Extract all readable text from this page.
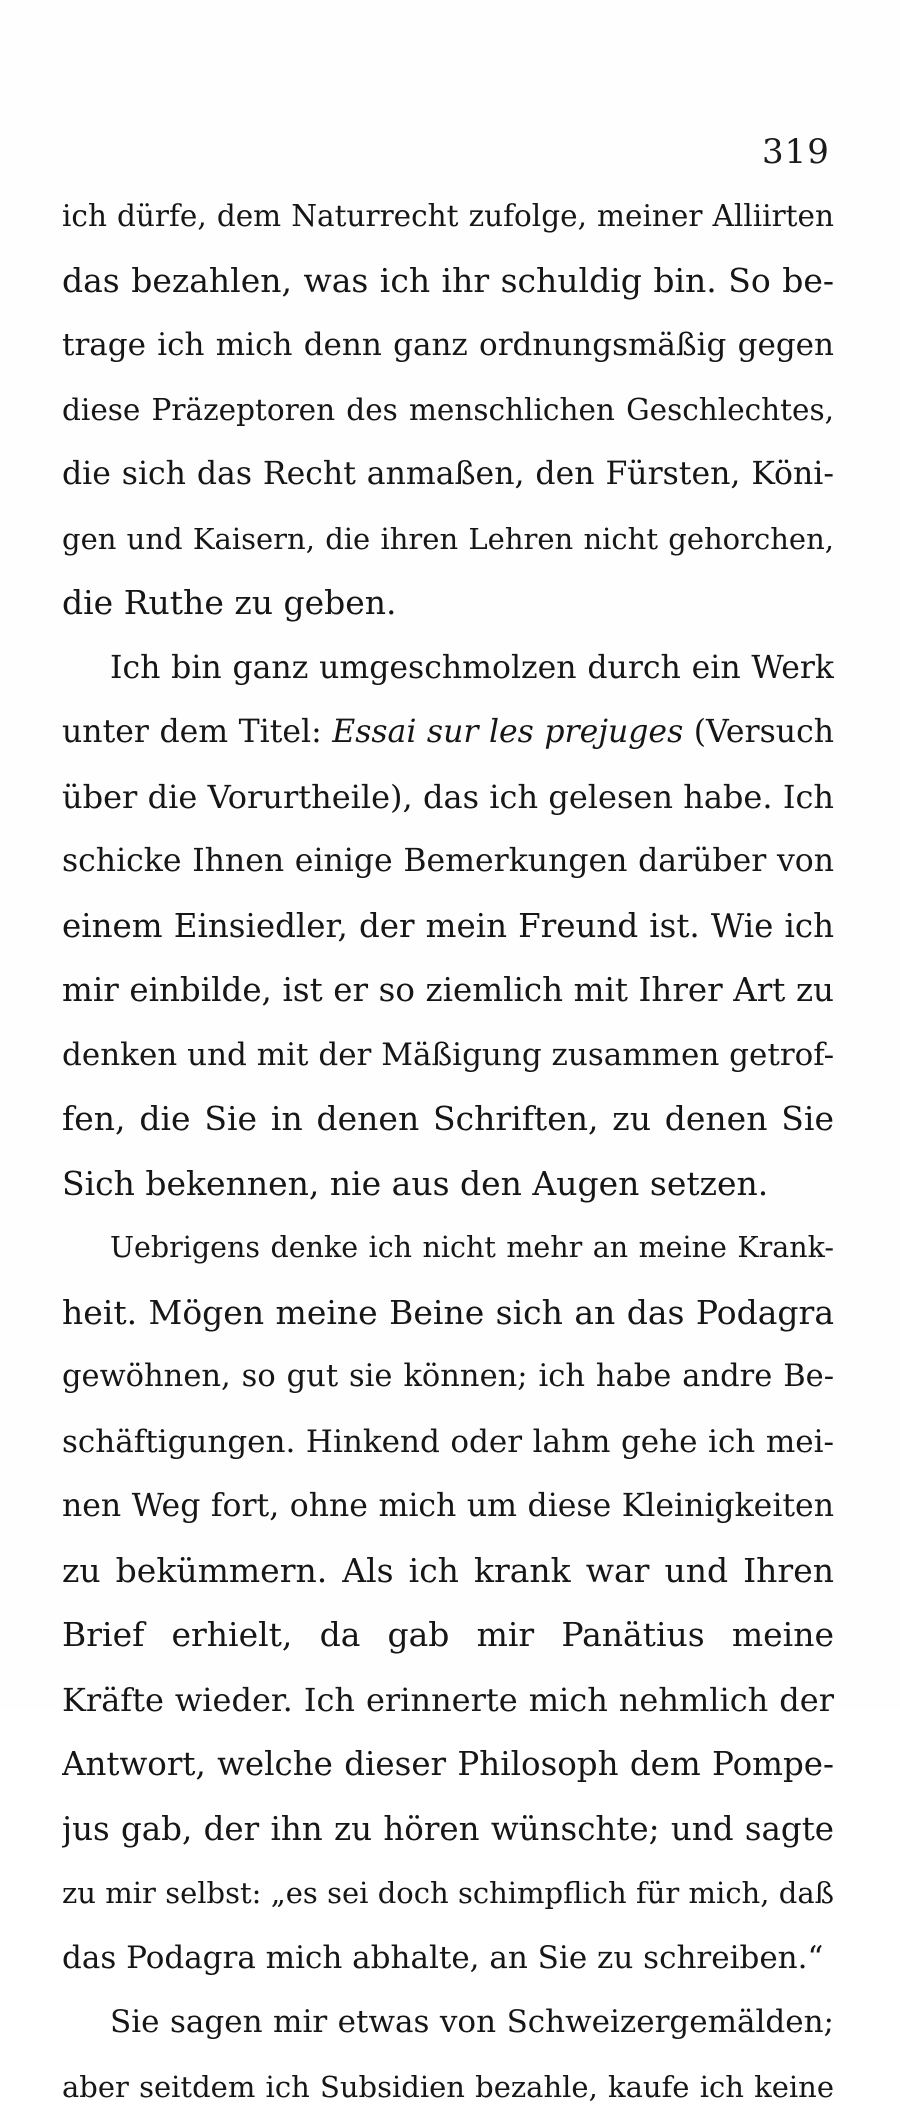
319
ich dürfe, dem Naturrecht zufolge, meiner Alliirten
das bezahlen, was ich ihr schuldig bin. So be-
trage ich mich denn ganz ordnungsmäßig gegen
diese Präzeptoren des menschlichen Geschlechtes,
die sich das Recht anmaßen, den Fürsten, Köni-
gen und Kaisern, die ihren Lehren nicht gehorchen,
die Ruthe zu geben.
Ich bin ganz umgeschmolzen durch ein Werk
unter dem Titel: Essai sur les prejuges (Versuch
über die Vorurtheile), das ich gelesen habe. Ich
schicke Ihnen einige Bemerkungen darüber von
einem Einsiedler, der mein Freund ist. Wie ich
mir einbilde, ist er so ziemlich mit Ihrer Art zu
denken und mit der Mäßigung zusammen getrof-
fen, die Sie in denen Schriften, zu denen Sie
Sich bekennen, nie aus den Augen setzen.
Uebrigens denke ich nicht mehr an meine Krank-
heit. Mögen meine Beine sich an das Podagra
gewöhnen, so gut sie können; ich habe andre Be-
schäftigungen. Hinkend oder lahm gehe ich mei-
nen Weg fort, ohne mich um diese Kleinigkeiten
zu bekümmern. Als ich krank war und Ihren
Brief erhielt, da gab mir Panätius meine
Kräfte wieder. Ich erinnerte mich nehmlich der
Antwort, welche dieser Philosoph dem Pompe-
jus gab, der ihn zu hören wünschte; und sagte
zu mir selbst: „es sei doch schimpflich für mich, daß
das Podagra mich abhalte, an Sie zu schreiben.“
Sie sagen mir etwas von Schweizergemälden;
aber seitdem ich Subsidien bezahle, kaufe ich keine
